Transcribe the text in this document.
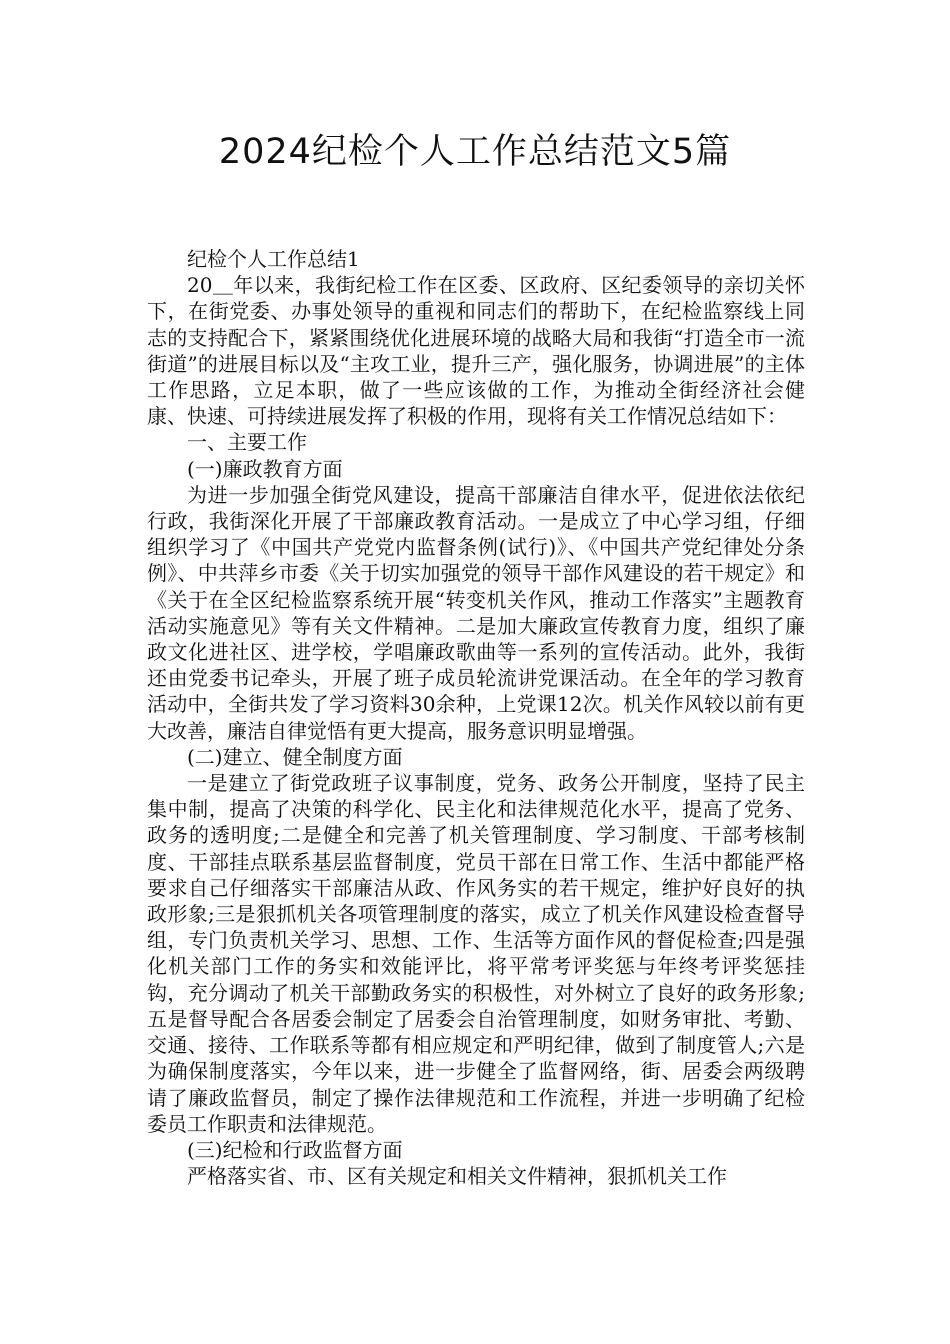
2024纪检个人工作总结范文5篇

纪检个人工作总结1

20＿年以来，我街纪检工作在区委、区政府、区纪委领导的亲切关怀下，在街党委、办事处领导的重视和同志们的帮助下，在纪检监察线上同志的支持配合下，紧紧围绕优化进展环境的战略大局和我街“打造全市一流街道”的进展目标以及“主攻工业，提升三产，强化服务，协调进展”的主体工作思路，立足本职，做了一些应该做的工作，为推动全街经济社会健康、快速、可持续进展发挥了积极的作用，现将有关工作情况总结如下：

一、主要工作

(一)廉政教育方面

为进一步加强全街党风建设，提高干部廉洁自律水平，促进依法依纪行政，我街深化开展了干部廉政教育活动。一是成立了中心学习组，仔细组织学习了《中国共产党党内监督条例(试行)》、《中国共产党纪律处分条例》、中共萍乡市委《关于切实加强党的领导干部作风建设的若干规定》和《关于在全区纪检监察系统开展“转变机关作风，推动工作落实”主题教育活动实施意见》等有关文件精神。二是加大廉政宣传教育力度，组织了廉政文化进社区、进学校，学唱廉政歌曲等一系列的宣传活动。此外，我街还由党委书记牵头，开展了班子成员轮流讲党课活动。在全年的学习教育活动中，全街共发了学习资料30余种，上党课12次。机关作风较以前有更大改善，廉洁自律觉悟有更大提高，服务意识明显增强。

(二)建立、健全制度方面

一是建立了街党政班子议事制度，党务、政务公开制度，坚持了民主集中制，提高了决策的科学化、民主化和法律规范化水平，提高了党务、政务的透明度;二是健全和完善了机关管理制度、学习制度、干部考核制度、干部挂点联系基层监督制度，党员干部在日常工作、生活中都能严格要求自己仔细落实干部廉洁从政、作风务实的若干规定，维护好良好的执政形象;三是狠抓机关各项管理制度的落实，成立了机关作风建设检查督导组，专门负责机关学习、思想、工作、生活等方面作风的督促检查;四是强化机关部门工作的务实和效能评比，将平常考评奖惩与年终考评奖惩挂钩，充分调动了机关干部勤政务实的积极性，对外树立了良好的政务形象;五是督导配合各居委会制定了居委会自治管理制度，如财务审批、考勤、交通、接待、工作联系等都有相应规定和严明纪律，做到了制度管人;六是为确保制度落实，今年以来，进一步健全了监督网络，街、居委会两级聘请了廉政监督员，制定了操作法律规范和工作流程，并进一步明确了纪检委员工作职责和法律规范。

(三)纪检和行政监督方面

严格落实省、市、区有关规定和相关文件精神，狠抓机关工作
